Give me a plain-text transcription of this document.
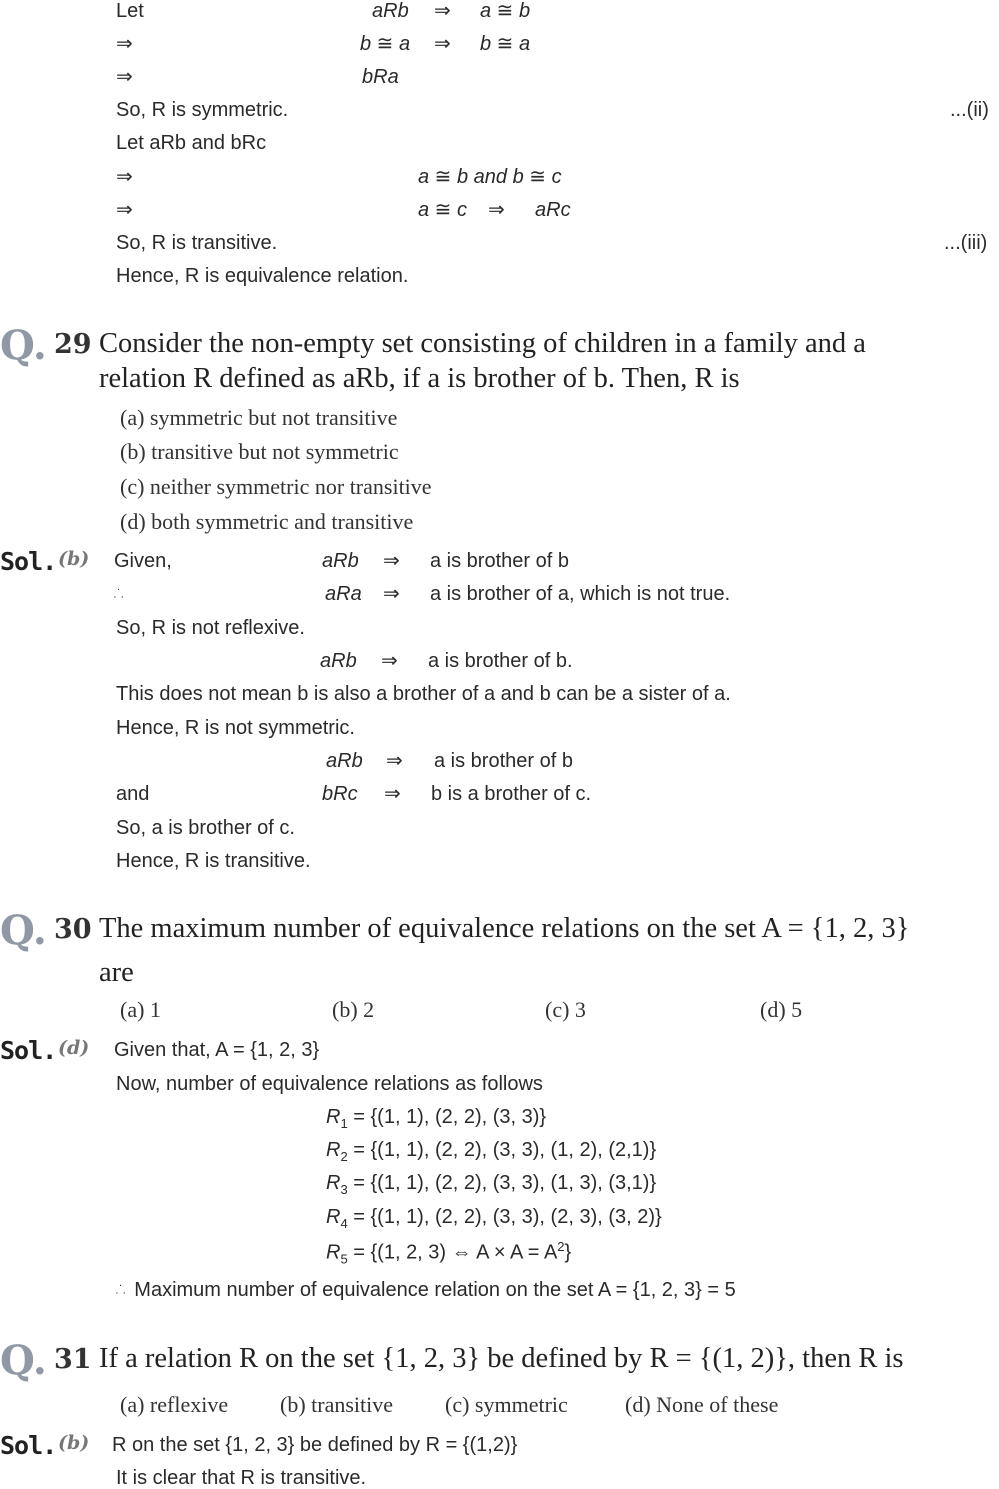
Let	aRb ⇒ a ≅ b
⇒	b ≅ a ⇒ b ≅ a
⇒	bRa
So, R is symmetric.	...(ii)
Let aRb and bRc
⇒	a ≅ b and b ≅ c
⇒	a ≅ c ⇒ aRc
So, R is transitive.	...(iii)
Hence, R is equivalence relation.
Q. 29 Consider the non-empty set consisting of children in a family and a
relation R defined as aRb, if a is brother of b. Then, R is
(a) symmetric but not transitive
(b) transitive but not symmetric
(c) neither symmetric nor transitive
(d) both symmetric and transitive
Sol. (b) Given,	aRb ⇒ a is brother of b
∴	aRa ⇒ a is brother of a, which is not true.
So, R is not reflexive.
aRb ⇒ a is brother of b.
This does not mean b is also a brother of a and b can be a sister of a.
Hence, R is not symmetric.
aRb ⇒ a is brother of b
and	bRc ⇒ b is a brother of c.
So, a is brother of c.
Hence, R is transitive.
Q. 30 The maximum number of equivalence relations on the set A = {1, 2, 3}
are
(a) 1	(b) 2	(c) 3	(d) 5
Sol. (d) Given that, A = {1, 2, 3}
Now, number of equivalence relations as follows
$R_1 = \{(1$, 1), (2, 2), (3, 3)}
$R_2 = \{(1$, 1), (2, 2), (3, 3), (1, 2), (2,1)}
$R_3 = \{(1$, 1), (2, 2), (3, 3), (1, 3), (3,1)}
$R_4 = \{(1$, 1), (2, 2), (3, 3), (2, 3), (3, 2)}
$R_5 = \{(1$, 2, 3) ⇔ $A \times A = A^2$}
∴ Maximum number of equivalence relation on the set A = {1, 2, 3} = 5
Q. 31 If a relation R on the set {1, 2, 3} be defined by R = {(1, 2)}, then R is
(a) reflexive (b) transitive (c) symmetric	(d) None of these
Sol. (b) R on the set {1, 2, 3} be defined by R = {(1,2)}
It is clear that R is transitive.
